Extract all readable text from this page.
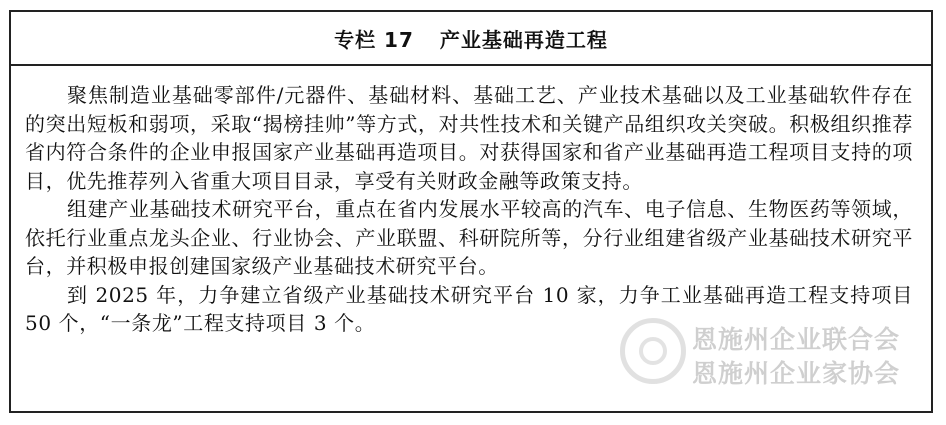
专栏 17 产业基础再造工程

聚焦制造业基础零部件/元器件、基础材料、基础工艺、产业技术基础以及工业基础软件存在的突出短板和弱项，采取“揭榜挂帅”等方式，对共性技术和关键产品组织攻关突破。积极组织推荐省内符合条件的企业申报国家产业基础再造项目。对获得国家和省产业基础再造工程项目支持的项目，优先推荐列入省重大项目目录，享受有关财政金融等政策支持。

组建产业基础技术研究平台，重点在省内发展水平较高的汽车、电子信息、生物医药等领域，依托行业重点龙头企业、行业协会、产业联盟、科研院所等，分行业组建省级产业基础技术研究平台，并积极申报创建国家级产业基础技术研究平台。

到 2025 年，力争建立省级产业基础技术研究平台 10 家，力争工业基础再造工程支持项目 50 个，“一条龙”工程支持项目 3 个。

恩施州企业联合会
恩施州企业家协会
